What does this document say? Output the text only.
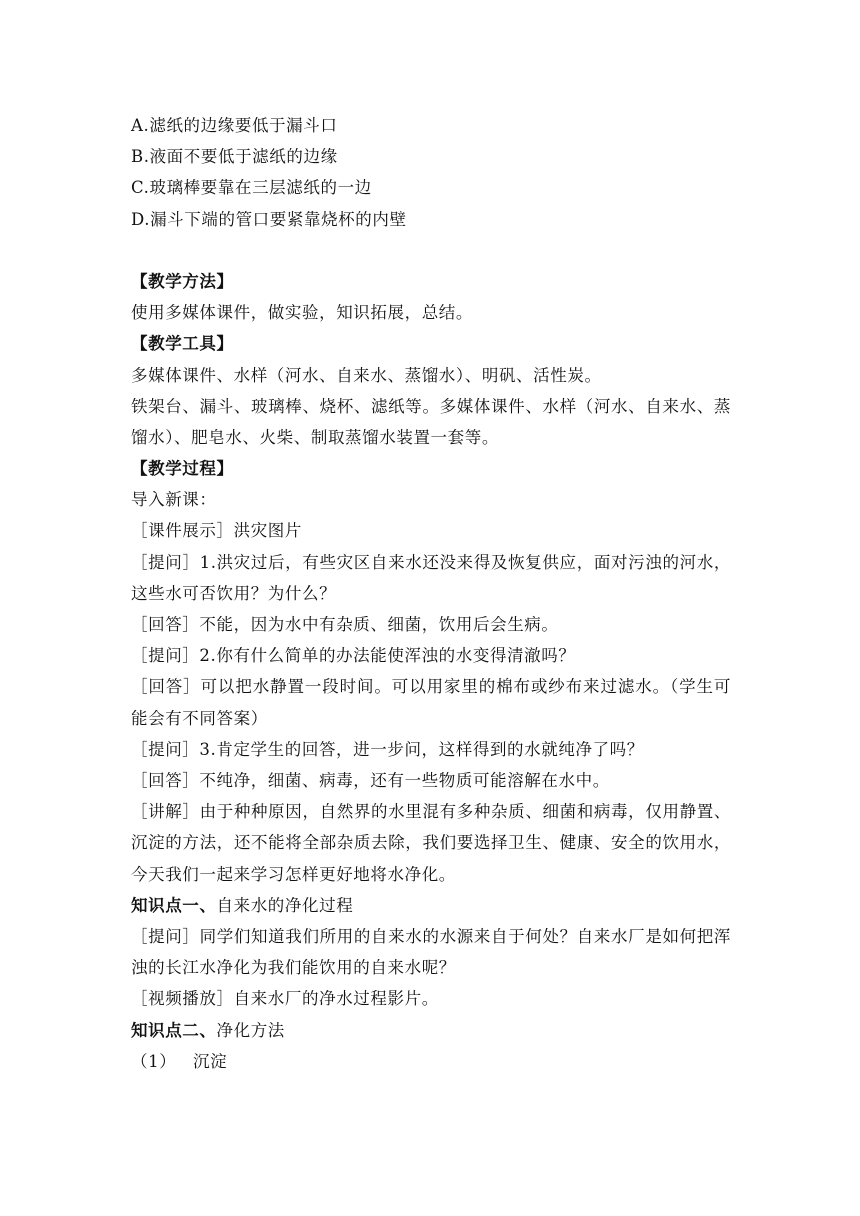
A.滤纸的边缘要低于漏斗口
B.液面不要低于滤纸的边缘
C.玻璃棒要靠在三层滤纸的一边
D.漏斗下端的管口要紧靠烧杯的内壁
【教学方法】
使用多媒体课件，做实验，知识拓展，总结。
【教学工具】
多媒体课件、水样（河水、自来水、蒸馏水）、明矾、活性炭。
铁架台、漏斗、玻璃棒、烧杯、滤纸等。多媒体课件、水样（河水、自来水、蒸馏水）、肥皂水、火柴、制取蒸馏水装置一套等。
【教学过程】
导入新课：
［课件展示］洪灾图片
［提问］1.洪灾过后，有些灾区自来水还没来得及恢复供应，面对污浊的河水，这些水可否饮用？为什么？
［回答］不能，因为水中有杂质、细菌，饮用后会生病。
［提问］2.你有什么简单的办法能使浑浊的水变得清澈吗？
［回答］可以把水静置一段时间。可以用家里的棉布或纱布来过滤水。（学生可能会有不同答案）
［提问］3.肯定学生的回答，进一步问，这样得到的水就纯净了吗？
［回答］不纯净，细菌、病毒，还有一些物质可能溶解在水中。
［讲解］由于种种原因，自然界的水里混有多种杂质、细菌和病毒，仅用静置、沉淀的方法，还不能将全部杂质去除，我们要选择卫生、健康、安全的饮用水，今天我们一起来学习怎样更好地将水净化。
知识点一、 自来水的净化过程
［提问］同学们知道我们所用的自来水的水源来自于何处？自来水厂是如何把浑浊的长江水净化为我们能饮用的自来水呢？
［视频播放］自来水厂的净水过程影片。
知识点二、 净化方法
（1）	沉淀
